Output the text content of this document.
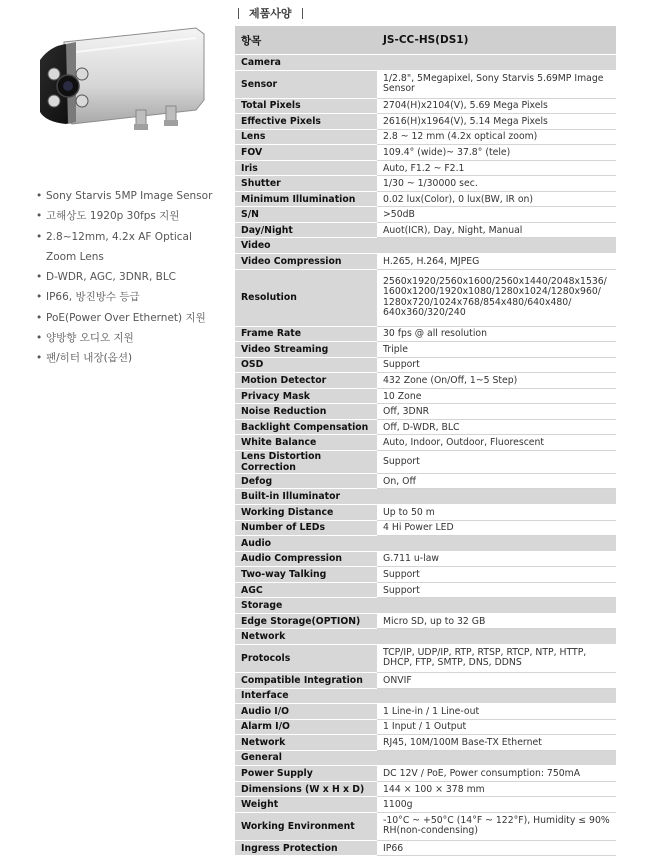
제품사양
• Sony Starvis 5MP Image Sensor
• 고해상도 1920p 30fps 지원
• 2.8~12mm, 4.2x AF Optical
Zoom Lens
• D-WDR, AGC, 3DNR, BLC
• IP66, 방진방수 등급
• PoE(Power Over Ethernet) 지원
• 양방향 오디오 지원
• 팬/히터 내장(옵션)
항목	JS-CC-HS(DS1)
Camera	
Sensor	1/2.8", 5Megapixel, Sony Starvis 5.69MP Image Sensor
Total Pixels	2704(H)x2104(V), 5.69 Mega Pixels
Effective Pixels	2616(H)x1964(V), 5.14 Mega Pixels
Lens	2.8 ~ 12 mm (4.2x optical zoom)
FOV	109.4° (wide)~ 37.8° (tele)
Iris	Auto, F1.2 ~ F2.1
Shutter	1/30 ~ 1/30000 sec.
Minimum Illumination	0.02 lux(Color), 0 lux(BW, IR on)
S/N	>50dB
Day/Night	Auot(ICR), Day, Night, Manual
Video	
Video Compression	H.265, H.264, MJPEG
Resolution	2560x1920/2560x1600/2560x1440/2048x1536/ 1600x1200/1920x1080/1280x1024/1280x960/ 1280x720/1024x768/854x480/640x480/ 640x360/320/240
Frame Rate	30 fps @ all resolution
Video Streaming	Triple
OSD	Support
Motion Detector	432 Zone (On/Off, 1~5 Step)
Privacy Mask	10 Zone
Noise Reduction	Off, 3DNR
Backlight Compensation	Off, D-WDR, BLC
White Balance	Auto, Indoor, Outdoor, Fluorescent
Lens Distortion Correction	Support
Defog	On, Off
Built-in Illuminator	
Working Distance	Up to 50 m
Number of LEDs	4 Hi Power LED
Audio	
Audio Compression	G.711 u-law
Two-way Talking	Support
AGC	Support
Storage	
Edge Storage(OPTION)	Micro SD, up to 32 GB
Network	
Protocols	TCP/IP, UDP/IP, RTP, RTSP, RTCP, NTP, HTTP, DHCP, FTP, SMTP, DNS, DDNS
Compatible Integration	ONVIF
Interface	
Audio I/O	1 Line-in / 1 Line-out
Alarm I/O	1 Input / 1 Output
Network	RJ45, 10M/100M Base-TX Ethernet
General	
Power Supply	DC 12V / PoE, Power consumption: 750mA
Dimensions (W x H x D)	144 × 100 × 378 mm
Weight	1100g
Working Environment	-10°C ~ +50°C (14°F ~ 122°F), Humidity ≤ 90% RH(non-condensing)
Ingress Protection	IP66
